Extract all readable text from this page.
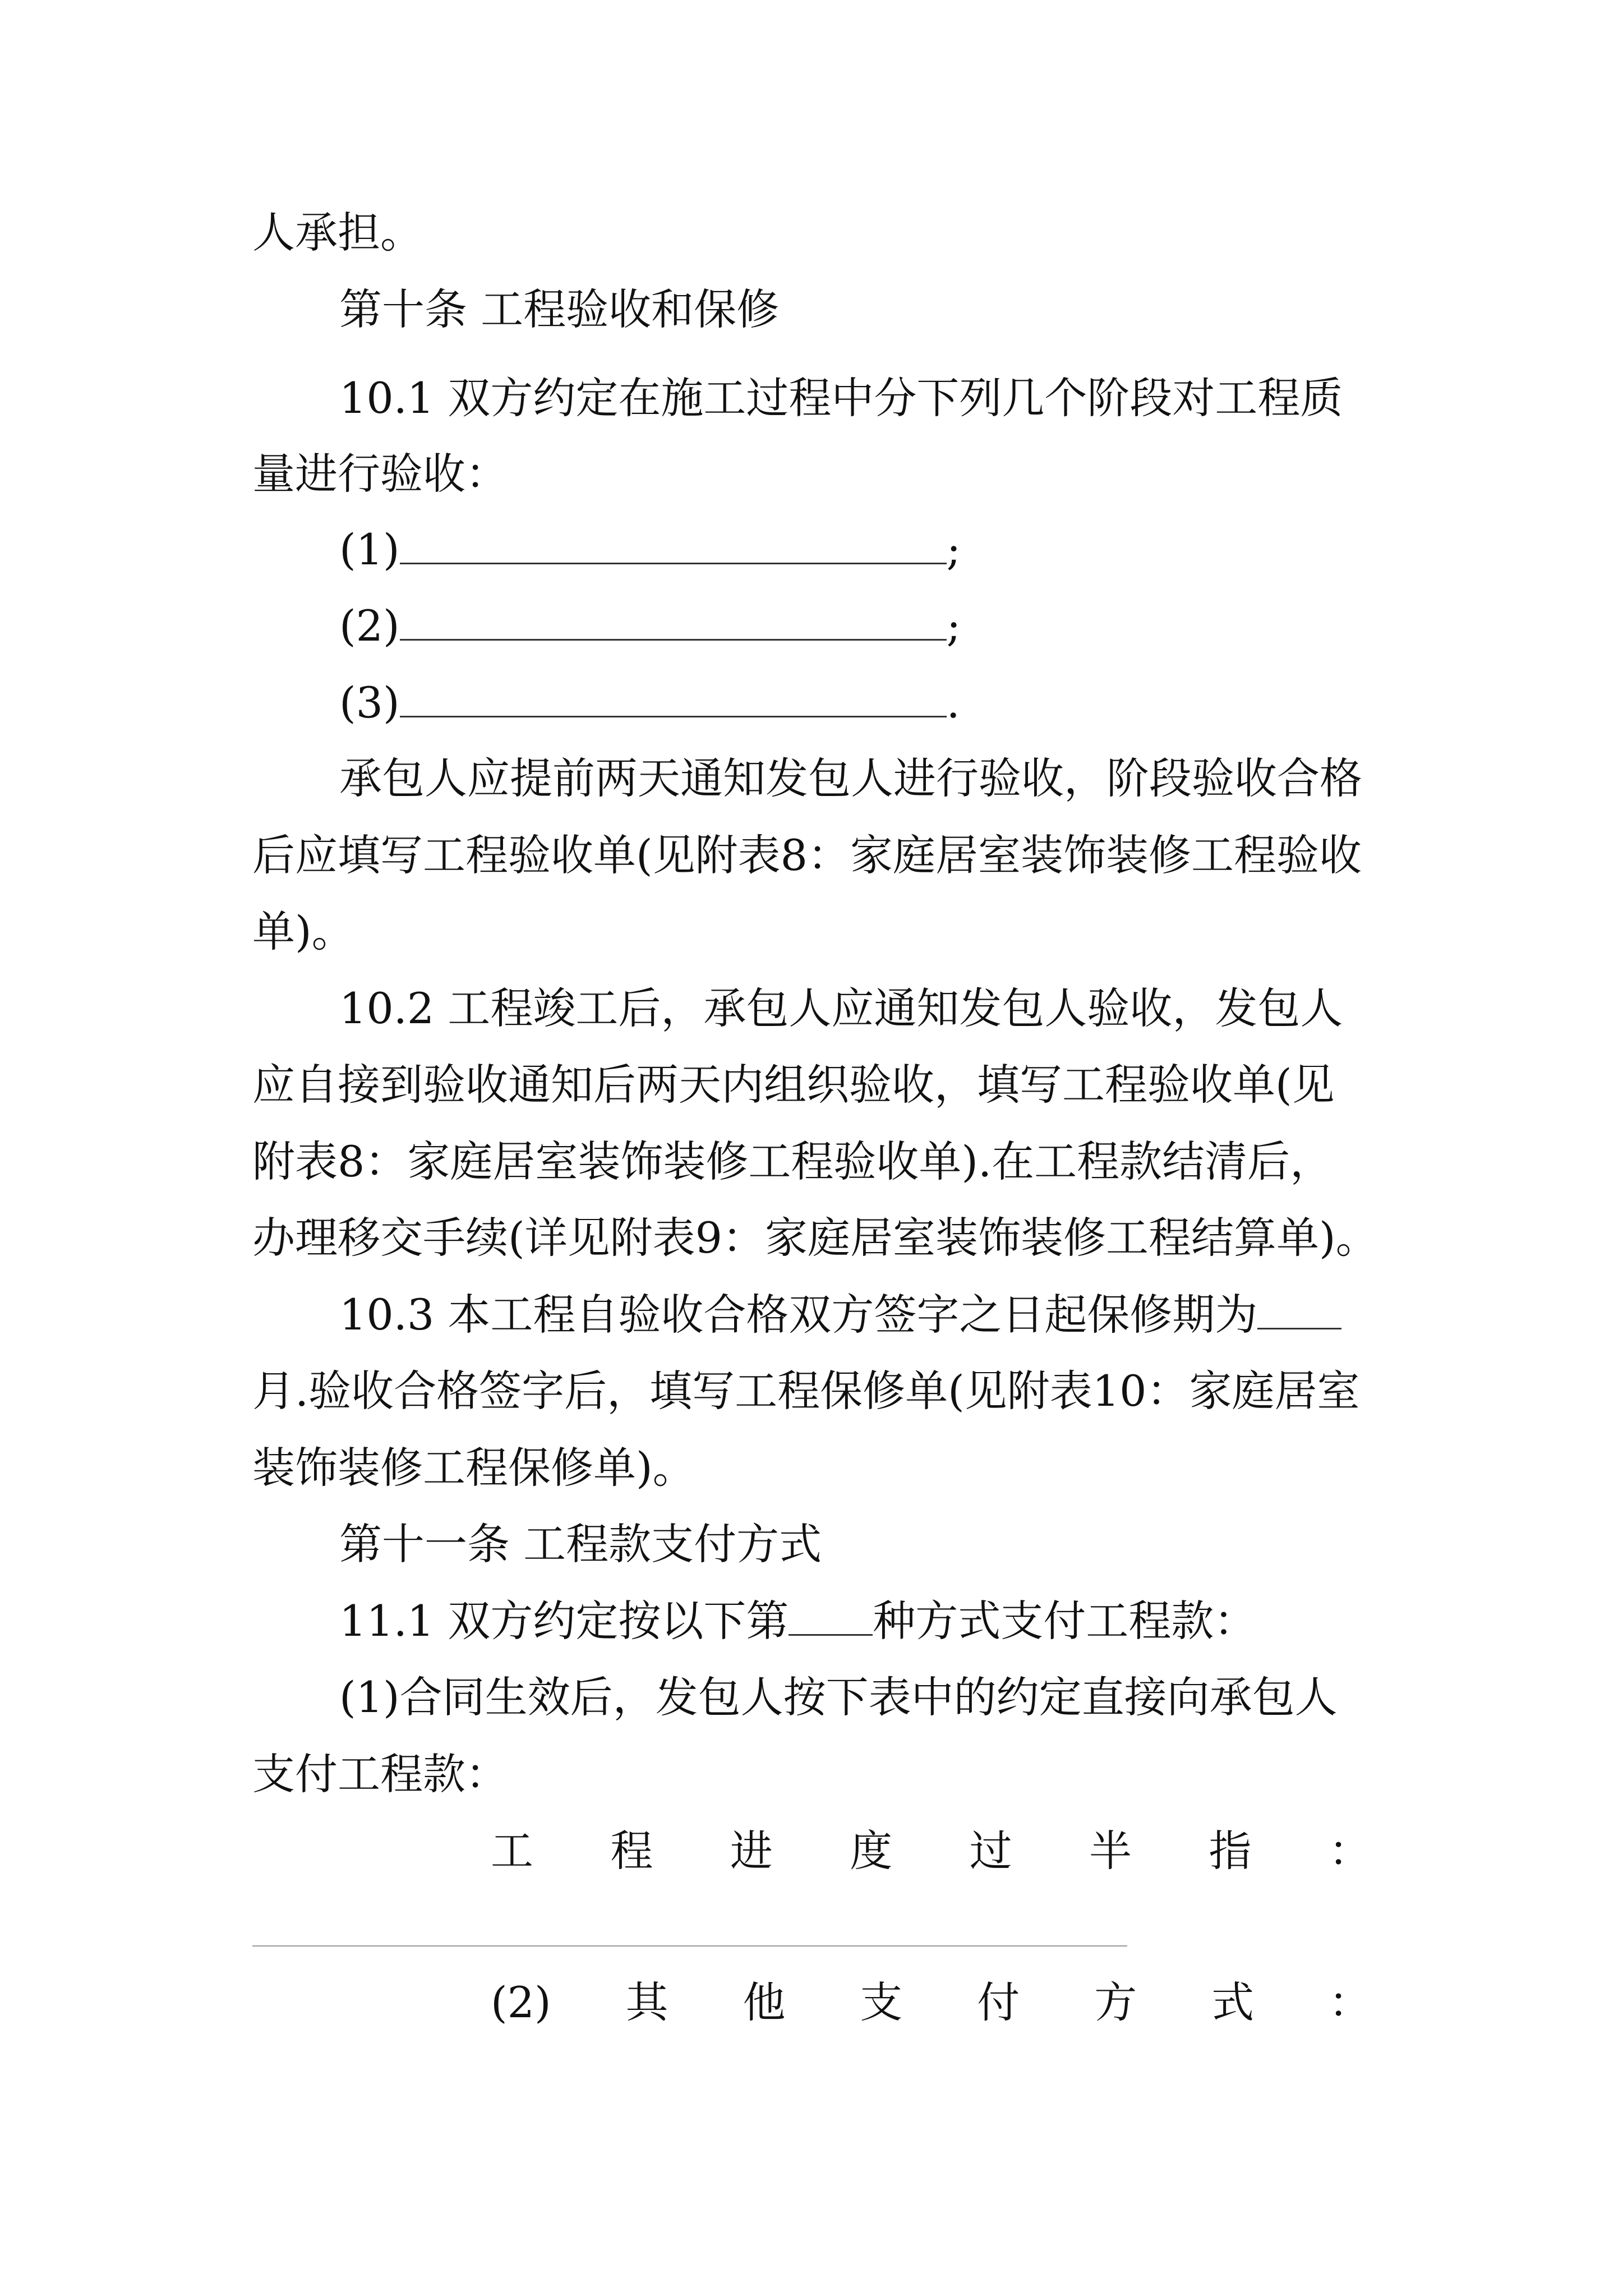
人承担。
第十条 工程验收和保修
10.1 双方约定在施工过程中分下列几个阶段对工程质
量进行验收：
(1)	;
(2)	;
(3)	.
承包人应提前两天通知发包人进行验收，阶段验收合格
后应填写工程验收单(见附表8：家庭居室装饰装修工程验收
单)。
10.2 工程竣工后，承包人应通知发包人验收，发包人
应自接到验收通知后两天内组织验收，填写工程验收单(见
附表8：家庭居室装饰装修工程验收单).在工程款结清后，
办理移交手续(详见附表9：家庭居室装饰装修工程结算单)。
10.3 本工程自验收合格双方签字之日起保修期为
月.验收合格签字后，填写工程保修单(见附表10：家庭居室
装饰装修工程保修单)。
第十一条 工程款支付方式
11.1 双方约定按以下第 种方式支付工程款：
(1)合同生效后，发包人按下表中的约定直接向承包人
支付工程款：
工 程 进 度 过 半 指 ：
(2) 其 他 支 付 方 式 ：
